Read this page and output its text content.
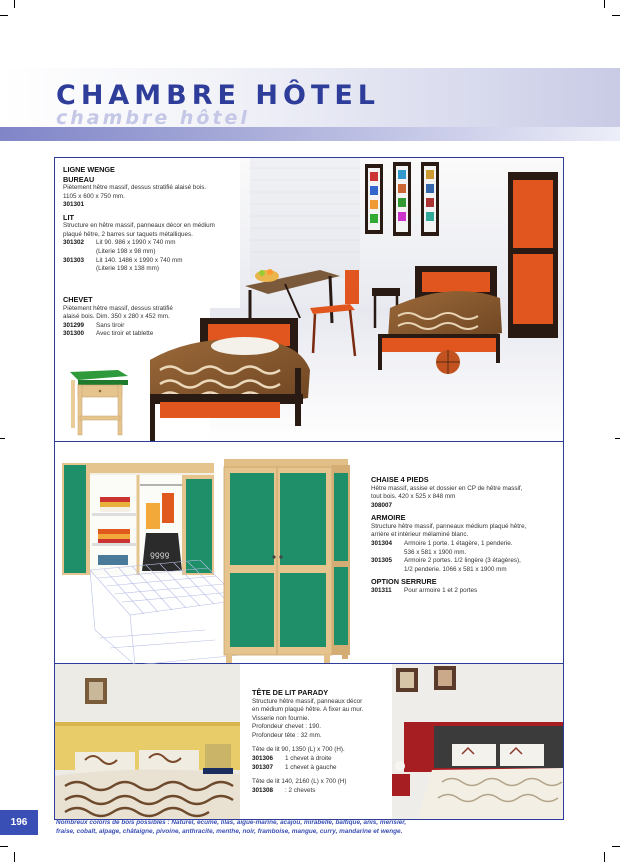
CHAMBRE HÔTEL
chambre hôtel
LIGNE WENGE
BUREAU

Piètement hêtre massif, dessus stratifié alaisé bois.

1105 x 600 x 750 mm.

301301

LIT

Structure en hêtre massif, panneaux décor en médium

plaqué hêtre, 2 barres sur taquets métalliques.

301302	Lit 90. 986 x 1990 x 740 mm
(Literie 198 x 98 mm)
301303	Lit 140. 1486 x 1990 x 740 mm
(Literie 198 x 138 mm)
CHEVET

Piètement hêtre massif, dessus stratifié

alaisé bois. Dim. 350 x 280 x 452 mm.

301299	Sans tiroir
301300	Avec tiroir et tablette
ƍƍƍƍ
CHAISE 4 PIEDS

Hêtre massif, assise et dossier en CP de hêtre massif,

tout bois. 420 x 525 x 848 mm

308007

ARMOIRE

Structure hêtre massif, panneaux médium plaqué hêtre,

arrière et intérieur mélaminé blanc.

301304	Armoire 1 porte. 1 étagère, 1 penderie.
536 x 581 x 1900 mm.
301305	Armoire 2 portes. 1/2 lingère (3 étagères),
1/2 penderie. 1066 x 581 x 1900 mm
OPTION SERRURE
301311	Pour armoire 1 et 2 portes
TÊTE DE LIT PARADY

Structure hêtre massif, panneaux décor

en médium plaqué hêtre. A fixer au mur.

Visserie non fournie.

Profondeur chevet : 190.

Profondeur tête : 32 mm.

Tête de lit 90, 1350 (L) x 700 (H).

301306	1 chevet à droite
301307	1 chevet à gauche

Tête de lit 140, 2160 (L) x 700 (H)

301308	: 2 chevets
196	Nombreux coloris de bois possibles : Naturel, écume, lilas, aigue-marine, acajou, mirabelle, baltique, anis, merisier,
fraise, cobalt, alpage, châtaigne, pivoine, anthracite, menthe, noir, framboise, mangue, curry, mandarine et wenge.
